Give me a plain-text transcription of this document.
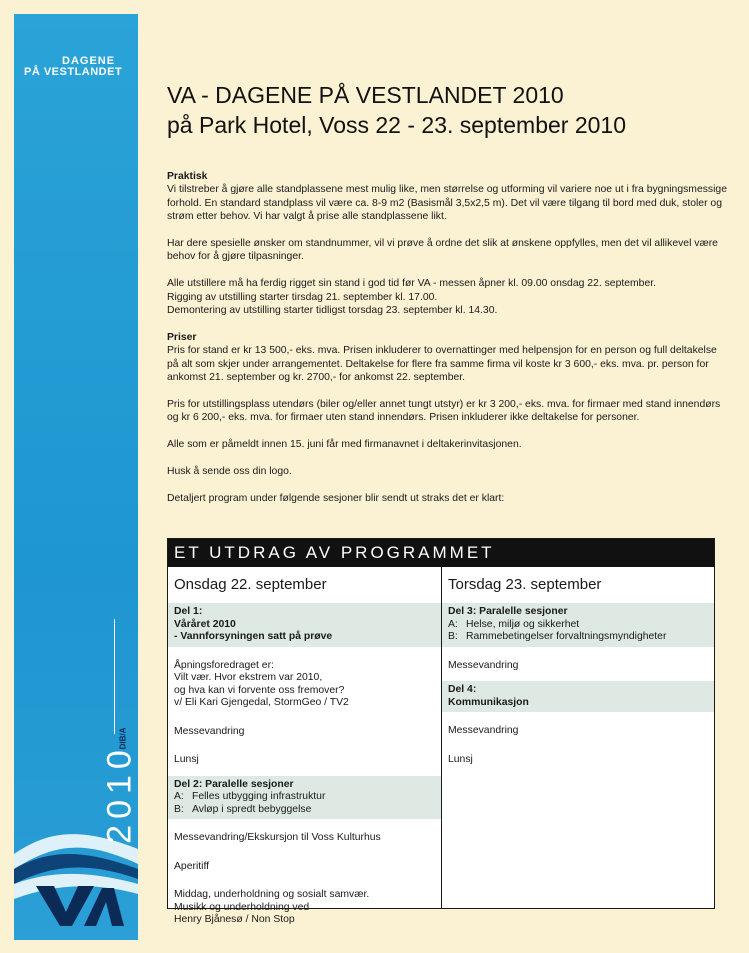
DIB/A
2010
DAGENE
PÅ VESTLANDET
VA - DAGENE PÅ VESTLANDET 2010
på Park Hotel, Voss 22 - 23. september 2010
Praktisk

Vi tilstreber å gjøre alle standplassene mest mulig like, men størrelse og utforming vil variere noe ut i fra bygningsmessige forhold. En standard standplass vil være ca. 8-9 m2 (Basismål 3,5x2,5 m). Det vil være tilgang til bord med duk, stoler og strøm etter behov. Vi har valgt å prise alle standplassene likt.

Har dere spesielle ønsker om standnummer, vil vi prøve å ordne det slik at ønskene oppfylles, men det vil allikevel være behov for å gjøre tilpasninger.

Alle utstillere må ha ferdig rigget sin stand i god tid før VA - messen åpner kl. 09.00 onsdag 22. september.
Rigging av utstilling starter tirsdag 21. september kl. 17.00.

Demontering av utstilling starter tidligst torsdag 23. september kl. 14.30.

Priser

Pris for stand er kr 13 500,- eks. mva. Prisen inkluderer to overnattinger med helpensjon for en person og full deltakelse på alt som skjer under arrangementet. Deltakelse for flere fra samme firma vil koste kr 3 600,- eks. mva. pr. person for ankomst 21. september og kr. 2700,- for ankomst 22. september.

Pris for utstillingsplass utendørs (biler og/eller annet tungt utstyr) er kr 3 200,- eks. mva. for firmaer med stand innendørs og kr 6 200,- eks. mva. for firmaer uten stand innendørs. Prisen inkluderer ikke deltakelse for personer.

Alle som er påmeldt innen 15. juni får med firmanavnet i deltakerinvitasjonen.

Husk å sende oss din logo.

Detaljert program under følgende sesjoner blir sendt ut straks det er klart:

ET UTDRAG AV PROGRAMMET
Onsdag 22. september
Del 1:
Våråret 2010
- Vannforsyningen satt på prøve
Åpningsforedraget er:
Vilt vær. Hvor ekstrem var 2010,
og hva kan vi forvente oss fremover?
v/ Eli Kari Gjengedal, StormGeo / TV2
Messevandring
Lunsj
Del 2: Paralelle sesjoner
A: Felles utbygging infrastruktur
B: Avløp i spredt bebyggelse
Messevandring/Ekskursjon til Voss Kulturhus
Aperitiff
Middag, underholdning og sosialt samvær.
Musikk og underholdning ved
Henry Bjånesø / Non Stop
Torsdag 23. september
Del 3: Paralelle sesjoner
A: Helse, miljø og sikkerhet
B: Rammebetingelser forvaltningsmyndigheter
Messevandring
Del 4:
Kommunikasjon
Messevandring
Lunsj
